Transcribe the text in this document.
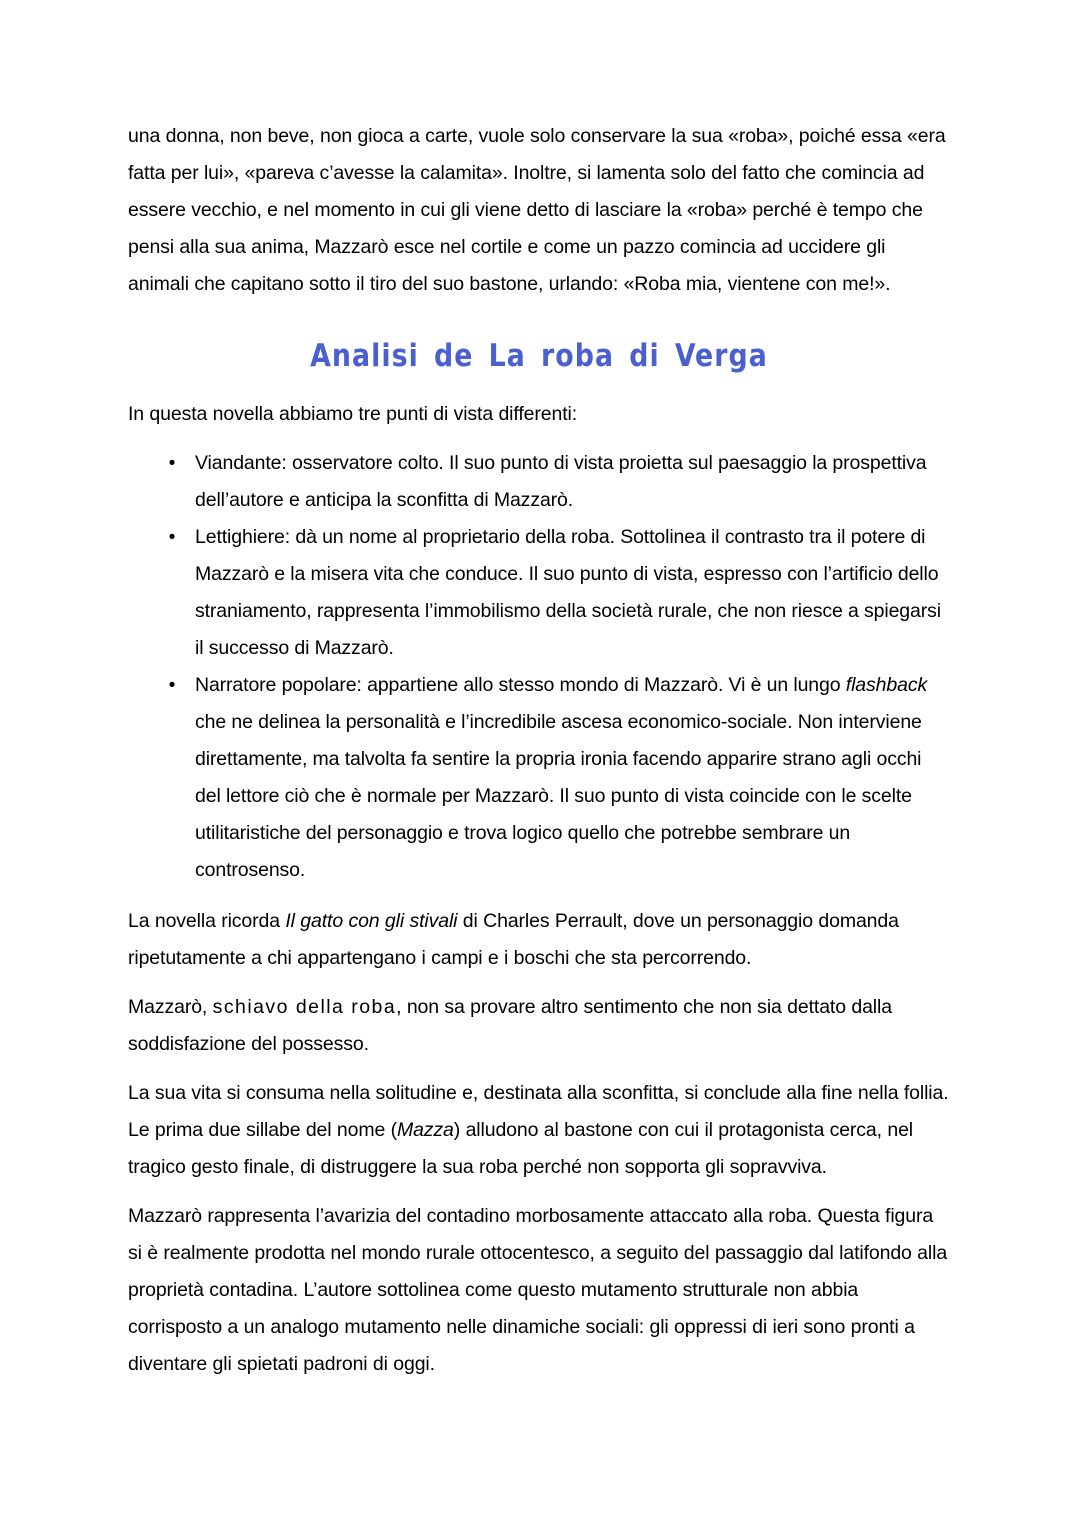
una donna, non beve, non gioca a carte, vuole solo conservare la sua «roba», poiché essa «era fatta per lui», «pareva c’avesse la calamita». Inoltre, si lamenta solo del fatto che comincia ad essere vecchio, e nel momento in cui gli viene detto di lasciare la «roba» perché è tempo che pensi alla sua anima, Mazzarò esce nel cortile e come un pazzo comincia ad uccidere gli animali che capitano sotto il tiro del suo bastone, urlando: «Roba mia, vientene con me!».

Analisi de La roba di Verga

In questa novella abbiamo tre punti di vista differenti:

• Viandante: osservatore colto. Il suo punto di vista proietta sul paesaggio la prospettiva dell’autore e anticipa la sconfitta di Mazzarò.
• Lettighiere: dà un nome al proprietario della roba. Sottolinea il contrasto tra il potere di Mazzarò e la misera vita che conduce. Il suo punto di vista, espresso con l’artificio dello straniamento, rappresenta l’immobilismo della società rurale, che non riesce a spiegarsi il successo di Mazzarò.
• Narratore popolare: appartiene allo stesso mondo di Mazzarò. Vi è un lungo flashback che ne delinea la personalità e l’incredibile ascesa economico-sociale. Non interviene direttamente, ma talvolta fa sentire la propria ironia facendo apparire strano agli occhi del lettore ciò che è normale per Mazzarò. Il suo punto di vista coincide con le scelte utilitaristiche del personaggio e trova logico quello che potrebbe sembrare un controsenso.

La novella ricorda Il gatto con gli stivali di Charles Perrault, dove un personaggio domanda ripetutamente a chi appartengano i campi e i boschi che sta percorrendo.

Mazzarò, schiavo della roba, non sa provare altro sentimento che non sia dettato dalla soddisfazione del possesso.

La sua vita si consuma nella solitudine e, destinata alla sconfitta, si conclude alla fine nella follia. Le prima due sillabe del nome (Mazza) alludono al bastone con cui il protagonista cerca, nel tragico gesto finale, di distruggere la sua roba perché non sopporta gli sopravviva.

Mazzarò rappresenta l’avarizia del contadino morbosamente attaccato alla roba. Questa figura si è realmente prodotta nel mondo rurale ottocentesco, a seguito del passaggio dal latifondo alla proprietà contadina. L’autore sottolinea come questo mutamento strutturale non abbia corrisposto a un analogo mutamento nelle dinamiche sociali: gli oppressi di ieri sono pronti a diventare gli spietati padroni di oggi.
